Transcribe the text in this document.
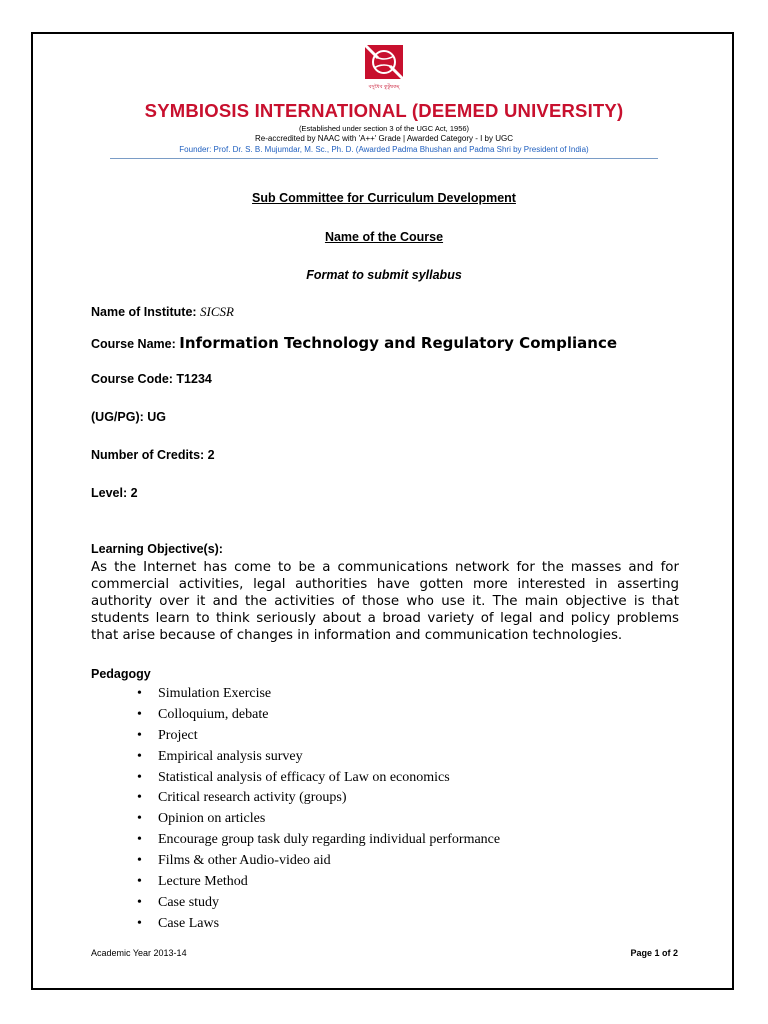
বসুধৈব কুটুম্বকম্
SYMBIOSIS INTERNATIONAL (DEEMED UNIVERSITY)
(Established under section 3 of the UGC Act, 1956)
Re-accredited by NAAC with 'A++' Grade | Awarded Category - I by UGC
Founder: Prof. Dr. S. B. Mujumdar, M. Sc., Ph. D. (Awarded Padma Bhushan and Padma Shri by President of India)
Sub Committee for Curriculum Development
Name of the Course
Format to submit syllabus
Name of Institute: SICSR
Course Name: Information Technology and Regulatory Compliance
Course Code: T1234
(UG/PG): UG
Number of Credits: 2
Level: 2
Learning Objective(s):
As the Internet has come to be a communications network for the masses and for commercial activities, legal authorities have gotten more interested in asserting authority over it and the activities of those who use it. The main objective is that students learn to think seriously about a broad variety of legal and policy problems that arise because of changes in information and communication technologies.
Pedagogy
• Simulation Exercise
• Colloquium, debate
• Project
• Empirical analysis survey
• Statistical analysis of efficacy of Law on economics
• Critical research activity (groups)
• Opinion on articles
• Encourage group task duly regarding individual performance
• Films & other Audio-video aid
• Lecture Method
• Case study
• Case Laws
Academic Year 2013-14	Page 1 of 2
